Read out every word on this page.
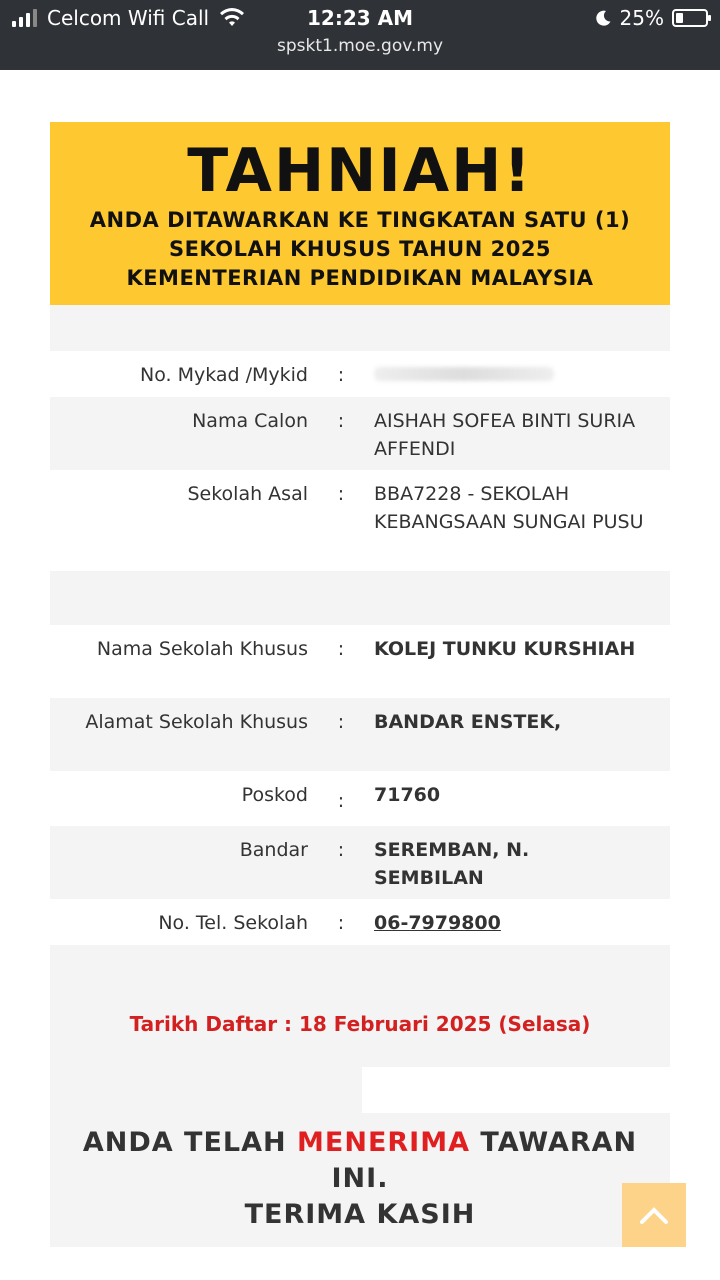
Celcom Wifi Call	12:23 AM
spskt1.moe.gov.my
25%
TAHNIAH!
ANDA DITAWARKAN KE TINGKATAN SATU (1)
SEKOLAH KHUSUS TAHUN 2025
KEMENTERIAN PENDIDIKAN MALAYSIA
No. Mykad /Mykid	:
Nama Calon	:	AISHAH SOFEA BINTI SURIA AFFENDI
Sekolah Asal	:	BBA7228 - SEKOLAH KEBANGSAAN SUNGAI PUSU
Nama Sekolah Khusus	:	KOLEJ TUNKU KURSHIAH
Alamat Sekolah Khusus	:	BANDAR ENSTEK,
Poskod	:	71760
Bandar	:	SEREMBAN, N. SEMBILAN
No. Tel. Sekolah	:	06-7979800
Tarikh Daftar : 18 Februari 2025 (Selasa)
ANDA TELAH MENERIMA TAWARAN INI.
TERIMA KASIH
